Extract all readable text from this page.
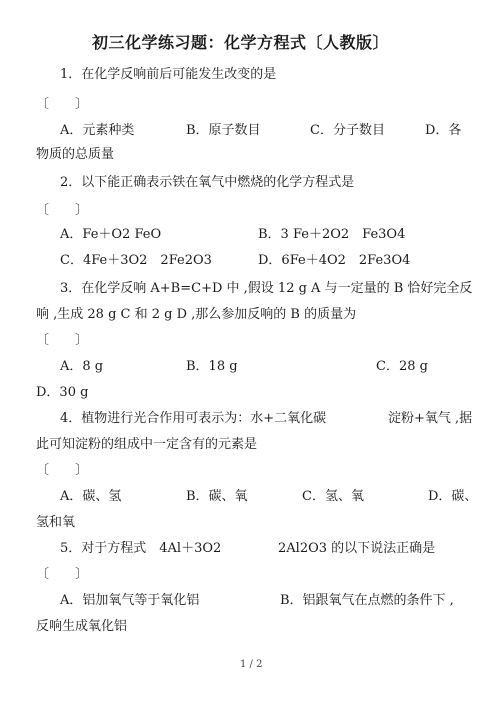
初三化学练习题：化学方程式〔人教版〕
1．在化学反响前后可能发生改变的是
〔　　〕
A．元素种类	B．原子数目	C．分子数目	D．各
物质的总质量
2．以下能正确表示铁在氧气中燃烧的化学方程式是
〔　　〕
A．Fe＋O2 FeO	B．3 Fe＋2O2　Fe3O4
C．4Fe＋3O2　2Fe2O3	D．6Fe＋4O2　2Fe3O4
3．在化学反响 A+B=C+D 中 ,假设 12 g A 与一定量的 B 恰好完全反
响 ,生成 28 g C 和 2 g D ,那么参加反响的 B 的质量为
〔　　〕
A．8 g	B．18 g	C．28 g
D．30 g
4．植物进行光合作用可表示为：水+二氧化碳	淀粉+氧气 ,据
此可知淀粉的组成中一定含有的元素是
〔　　〕
A．碳、氢	B．碳、氧	C．氢、氧	D．碳、
氢和氧
5．对于方程式　4Al＋3O2	2Al2O3 的以下说法正确是
〔　　〕
A．铝加氧气等于氧化铝	B．铝跟氧气在点燃的条件下 ,
反响生成氧化铝
1 / 2
